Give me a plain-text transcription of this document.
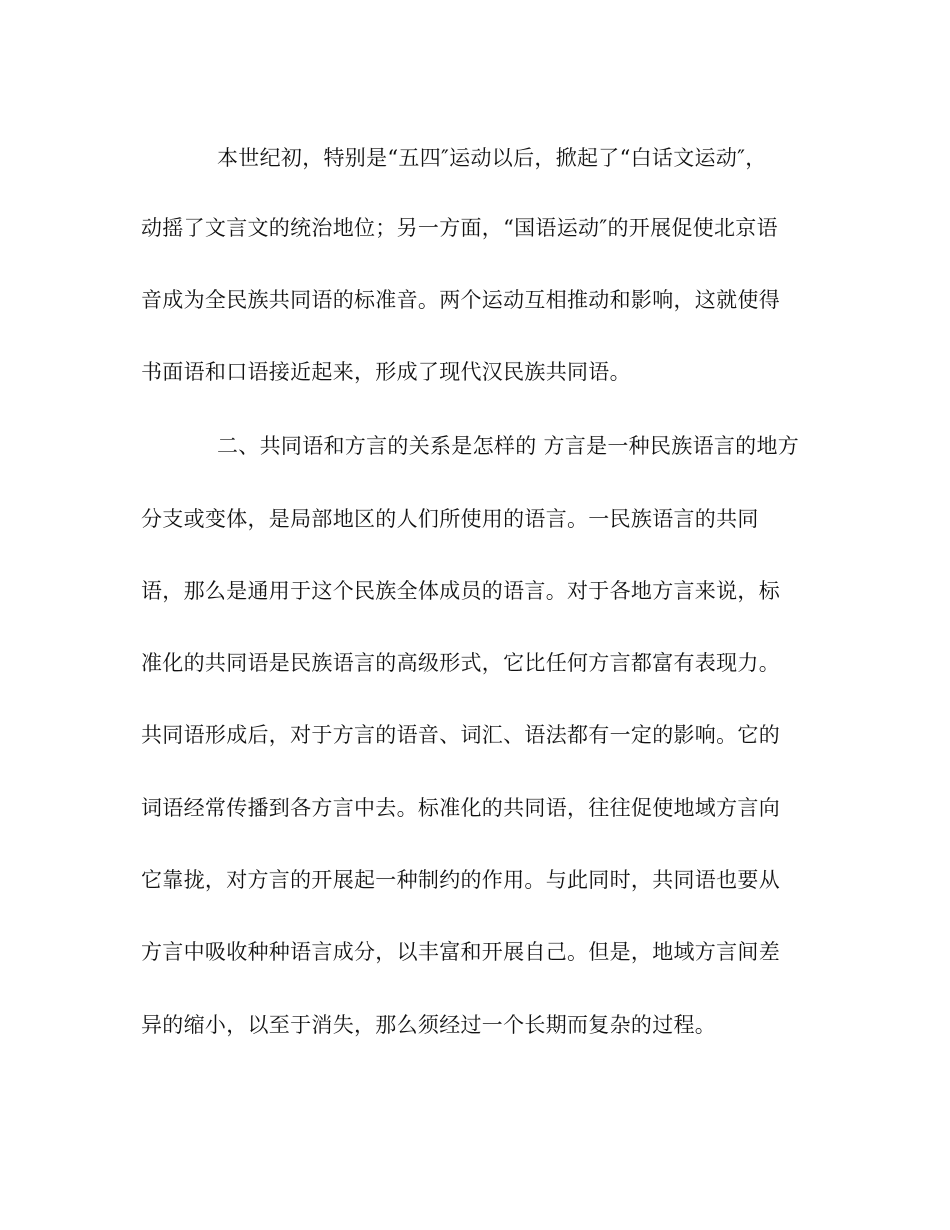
本世纪初，特别是“五四″运动以后，掀起了“白话文运动″，
动摇了文言文的统治地位；另一方面，“国语运动″的开展促使北京语
音成为全民族共同语的标准音。两个运动互相推动和影响，这就使得
书面语和口语接近起来，形成了现代汉民族共同语。
二、共同语和方言的关系是怎样的 方言是一种民族语言的地方
分支或变体，是局部地区的人们所使用的语言。一民族语言的共同
语，那么是通用于这个民族全体成员的语言。对于各地方言来说，标
准化的共同语是民族语言的高级形式，它比任何方言都富有表现力。
共同语形成后，对于方言的语音、词汇、语法都有一定的影响。它的
词语经常传播到各方言中去。标准化的共同语，往往促使地域方言向
它靠拢，对方言的开展起一种制约的作用。与此同时，共同语也要从
方言中吸收种种语言成分，以丰富和开展自己。但是，地域方言间差
异的缩小，以至于消失，那么须经过一个长期而复杂的过程。
